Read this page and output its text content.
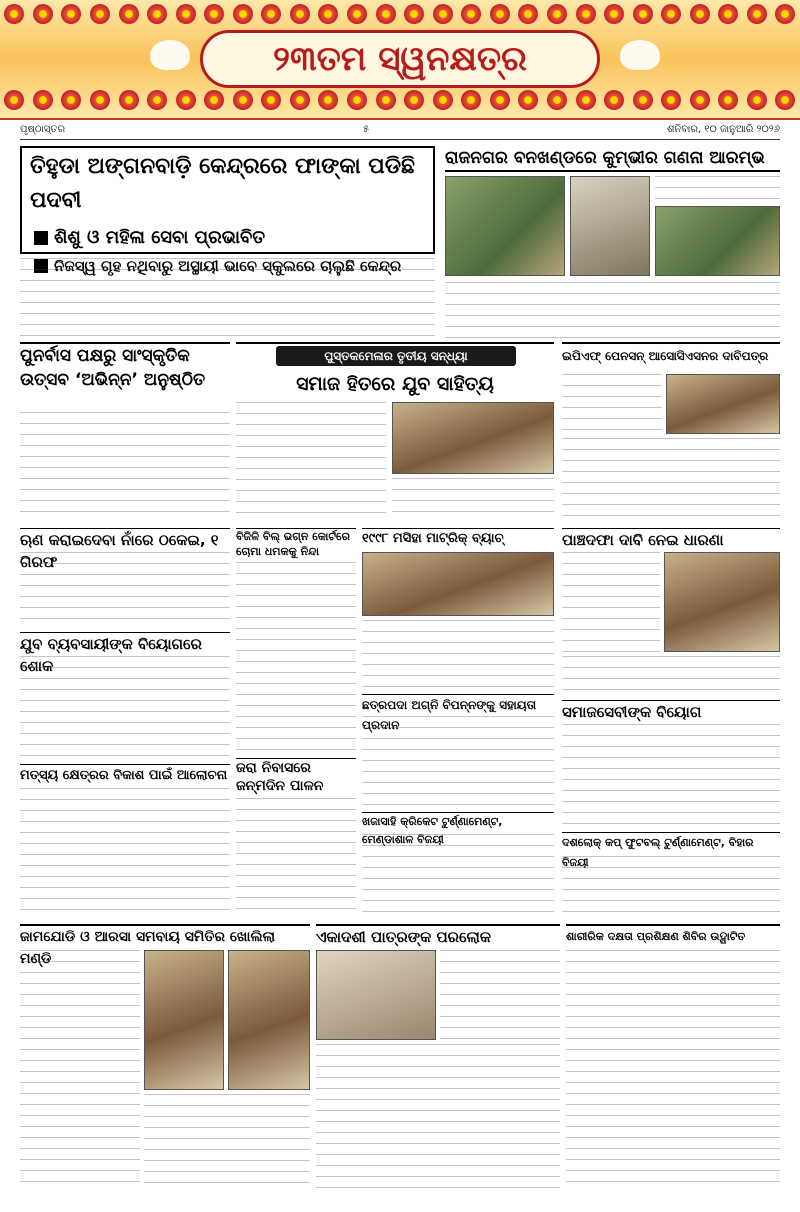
୨୩ତମ ସ୍ୱନକ୍ଷତ୍ର
ପୃଷ୍ଠାସ୍ତର	୫	ଶନିବାର, ୧୦ ଜାନୁଆରି ୨୦୨୬
ତିହୁଡା ଅଙ୍ଗନବାଡ଼ି କେନ୍ଦ୍ରରେ ଫାଙ୍କା ପଡିଛି ପଦବୀ
ଶିଶୁ ଓ ମହିଳା ସେବା ପ୍ରଭାବିତ
ନିଜସ୍ୱ ଗୃହ ନଥିବାରୁ ଅସ୍ଥାୟୀ ଭାବେ ସ୍କୁଲରେ ଚାଲୁଛି କେନ୍ଦ୍ର
ରାଜନଗର ବନଖଣ୍ଡରେ କୁମ୍ଭୀର ଗଣନା ଆରମ୍ଭ
ପୁନର୍ବାସ ପକ୍ଷରୁ ସାଂସ୍କୃତିକ ଉତ୍ସବ ‘ଅଭିନ୍ନ’ ଅନୁଷ୍ଠିତ
ପୁସ୍ତକମେଳାର ତୃତୀୟ ସନ୍ଧ୍ୟା
ସମାଜ ହିତରେ ଯୁବ ସାହିତ୍ୟ
ଇପିଏଫ୍ ପେନସନ୍ ଆସୋସିଏସନର ଦାବିପତ୍ର
ଋଣ କରାଇଦେବା ନାଁରେ ଠକେଇ, ୧ ଗିରଫ
ଯୁବ ବ୍ୟବସାୟୀଙ୍କ ବିୟୋଗରେ ଶୋକ
ମତ୍ସ୍ୟ କ୍ଷେତ୍ରର ବିକାଶ ପାଇଁ ଆଲୋଚନା
ବିଜିଳି ବିଲ୍ ଭଗ୍ନ କୋର୍ଟରେ ଚୋମା ଧମକକୁ ନିନ୍ଦା
ଜରା ନିବାସରେ ଜନ୍ମଦିନ ପାଳନ
୧୯୯୮ ମସିହା ମାଟ୍ରିକ୍ ବ୍ୟାଚ୍
ଛତ୍ରପଦା ଅଗ୍ନି ବିପନ୍ନଙ୍କୁ ସହାୟତା ପ୍ରଦାନ
ଖଜାସାହି କ୍ରିକେଟ ଟୁର୍ଣ୍ଣାମେଣ୍ଟ, ମେଣ୍ଡାଶାଳ ବିଜୟୀ
ପାଞ୍ଚଦଫା ଦାବି ନେଇ ଧାରଣା
ସମାଜସେବୀଙ୍କ ବିୟୋଗ
ଦଶଲୋକ୍ କପ୍ ଫୁଟବଲ୍ ଟୁର୍ଣ୍ଣାମେଣ୍ଟ, ବିହାର ବିଜୟୀ
ଜାମଯୋଡି ଓ ଆରସା ସମବାୟ ସମିତିର ଖୋଲିଲା ମଣ୍ଡି
ଏକାଦଶୀ ପାତ୍ରଙ୍କ ପରଲୋକ	ଶାରୀରିକ ଦକ୍ଷତା ପ୍ରଶିକ୍ଷଣ ଶିବିର ଉଦ୍ଘାଟିତ
